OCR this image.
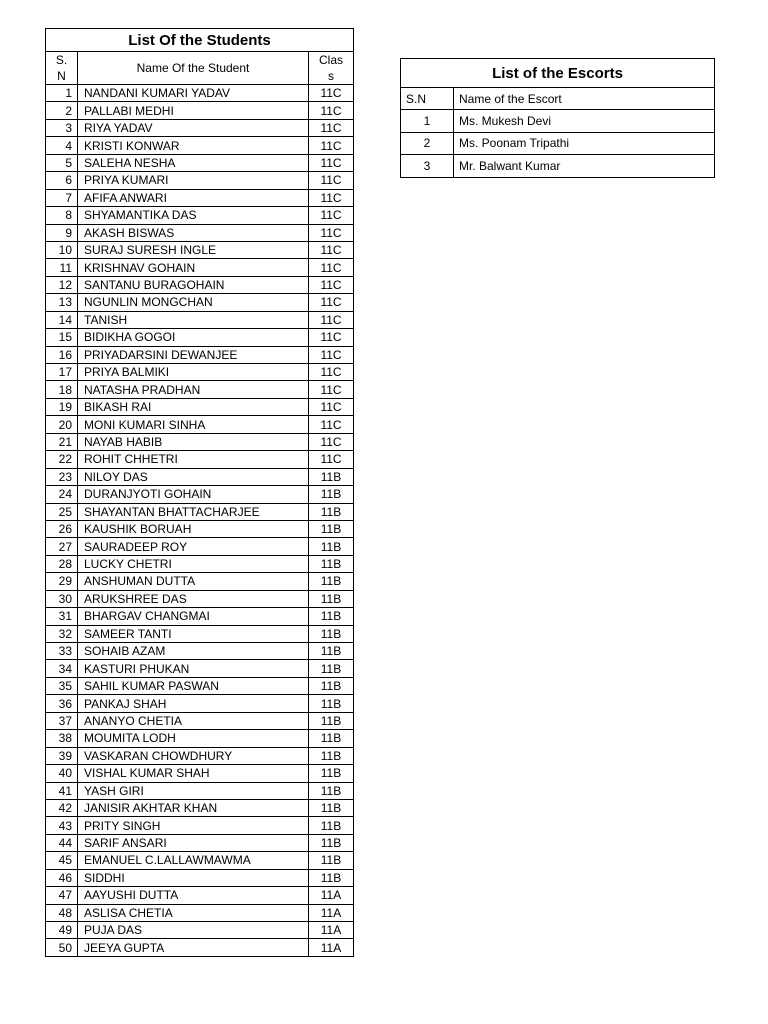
List Of the Students		

S.
N	Name Of the Student	Clas
s

1	NANDANI KUMARI YADAV	11C
2	PALLABI MEDHI	11C
3	RIYA YADAV	11C
4	KRISTI KONWAR	11C
5	SALEHA NESHA	11C
6	PRIYA KUMARI	11C
7	AFIFA ANWARI	11C
8	SHYAMANTIKA DAS	11C
9	AKASH BISWAS	11C
10	SURAJ SURESH INGLE	11C
11	KRISHNAV GOHAIN	11C
12	SANTANU BURAGOHAIN	11C
13	NGUNLIN MONGCHAN	11C
14	TANISH	11C
15	BIDIKHA GOGOI	11C
16	PRIYADARSINI DEWANJEE	11C
17	PRIYA BALMIKI	11C
18	NATASHA PRADHAN	11C
19	BIKASH RAI	11C
20	MONI KUMARI SINHA	11C
21	NAYAB HABIB	11C
22	ROHIT CHHETRI	11C
23	NILOY DAS	11B
24	DURANJYOTI GOHAIN	11B
25	SHAYANTAN BHATTACHARJEE	11B
26	KAUSHIK BORUAH	11B
27	SAURADEEP ROY	11B
28	LUCKY CHETRI	11B
29	ANSHUMAN DUTTA	11B
30	ARUKSHREE DAS	11B
31	BHARGAV CHANGMAI	11B
32	SAMEER TANTI	11B
33	SOHAIB AZAM	11B
34	KASTURI PHUKAN	11B
35	SAHIL KUMAR PASWAN	11B
36	PANKAJ SHAH	11B
37	ANANYO CHETIA	11B
38	MOUMITA LODH	11B
39	VASKARAN CHOWDHURY	11B
40	VISHAL KUMAR SHAH	11B
41	YASH GIRI	11B
42	JANISIR AKHTAR KHAN	11B
43	PRITY SINGH	11B
44	SARIF ANSARI	11B
45	EMANUEL C.LALLAWMAWMA	11B
46	SIDDHI	11B
47	AAYUSHI DUTTA	11A
48	ASLISA CHETIA	11A
49	PUJA DAS	11A
50	JEEYA GUPTA	11A
List of the Escorts	
S.N	Name of the Escort
1	Ms. Mukesh Devi
2	Ms. Poonam Tripathi
3	Mr. Balwant Kumar
